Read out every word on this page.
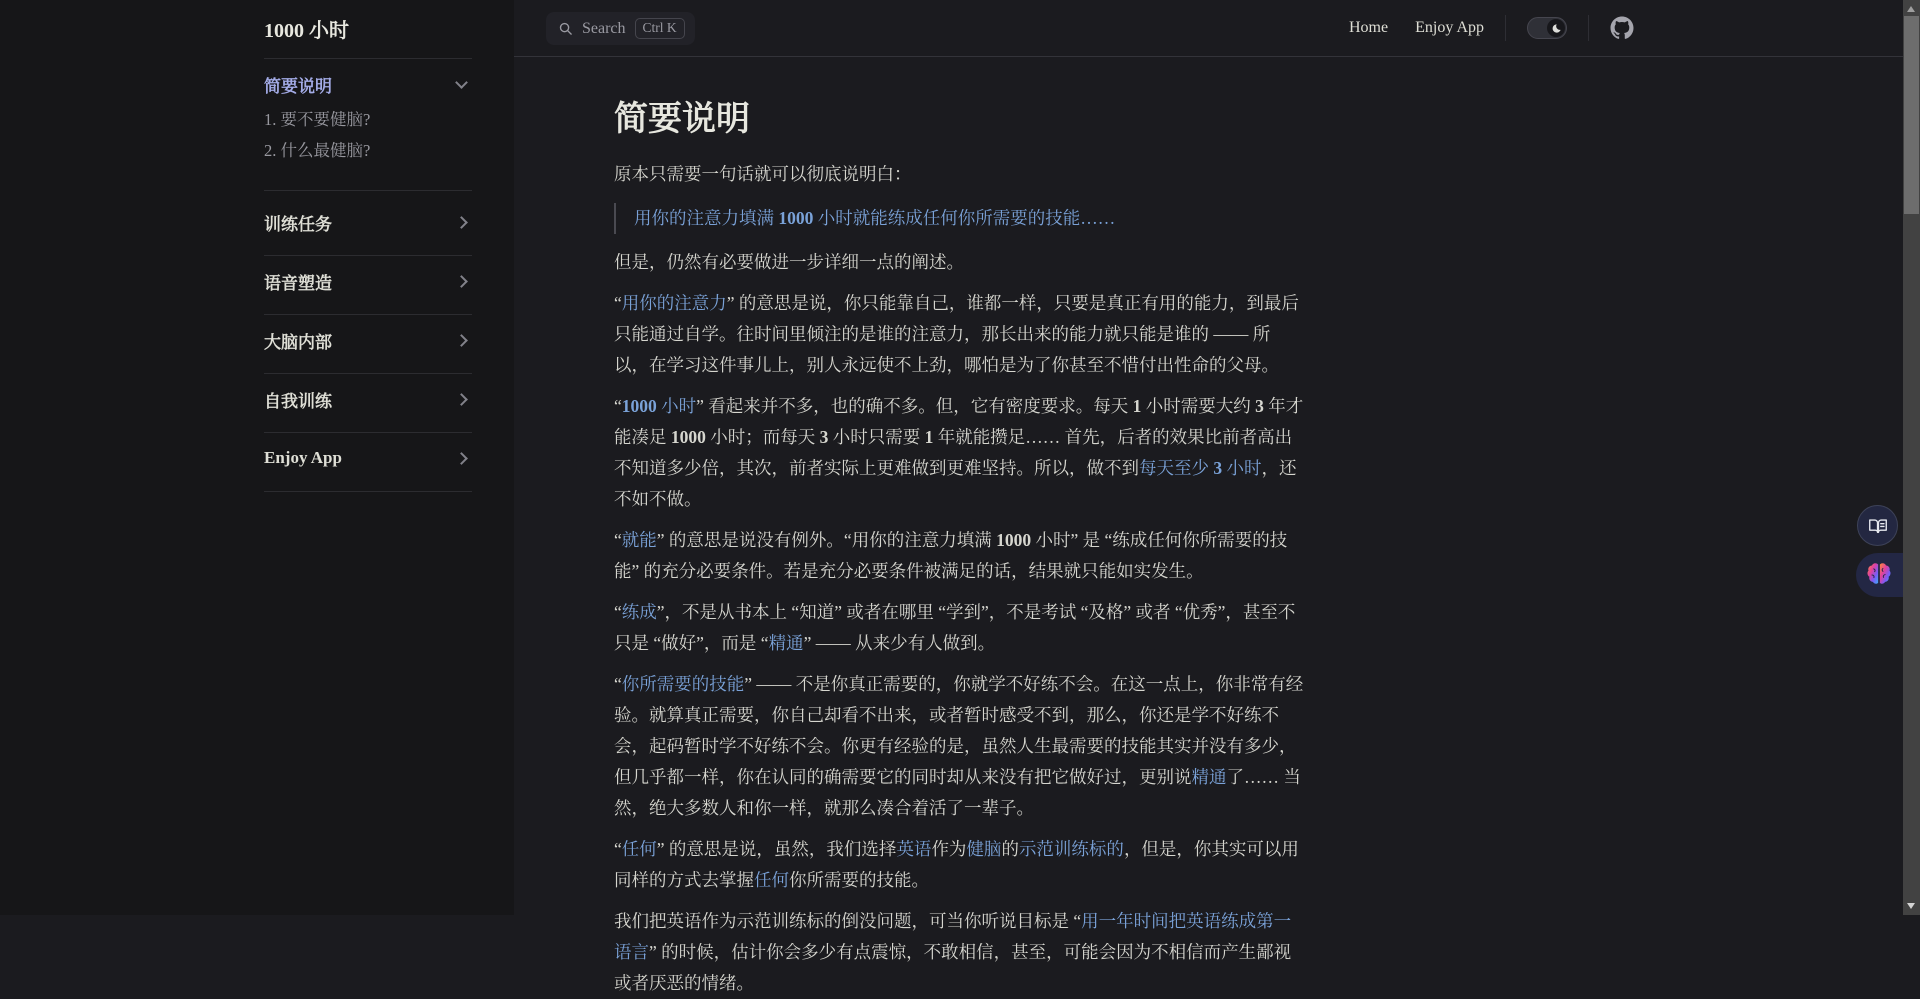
1000 小时
简要说明
1. 要不要健脑?
2. 什么最健脑?
训练任务
语音塑造
大脑内部
自我训练
Enjoy App
Search	Ctrl K	Home Enjoy App
简要说明

原本只需要一句话就可以彻底说明白：

用你的注意力填满 1000 小时就能练成任何你所需要的技能……

但是，仍然有必要做进一步详细一点的阐述。

“用你的注意力” 的意思是说，你只能靠自己，谁都一样，只要是真正有用的能力，到最后只能通过自学。往时间里倾注的是谁的注意力，那长出来的能力就只能是谁的 —— 所以，在学习这件事儿上，别人永远使不上劲，哪怕是为了你甚至不惜付出性命的父母。

“1000 小时” 看起来并不多，也的确不多。但，它有密度要求。每天 1 小时需要大约 3 年才能凑足 1000 小时；而每天 3 小时只需要 1 年就能攒足…… 首先，后者的效果比前者高出不知道多少倍，其次，前者实际上更难做到更难坚持。所以，做不到每天至少 3 小时，还不如不做。

“就能” 的意思是说没有例外。“用你的注意力填满 1000 小时” 是 “练成任何你所需要的技能” 的充分必要条件。若是充分必要条件被满足的话，结果就只能如实发生。

“练成”，不是从书本上 “知道” 或者在哪里 “学到”，不是考试 “及格” 或者 “优秀”，甚至不只是 “做好”，而是 “精通” —— 从来少有人做到。

“你所需要的技能” —— 不是你真正需要的，你就学不好练不会。在这一点上，你非常有经验。就算真正需要，你自己却看不出来，或者暂时感受不到，那么，你还是学不好练不会，起码暂时学不好练不会。你更有经验的是，虽然人生最需要的技能其实并没有多少，但几乎都一样，你在认同的确需要它的同时却从来没有把它做好过，更别说精通了…… 当然，绝大多数人和你一样，就那么凑合着活了一辈子。

“任何” 的意思是说，虽然，我们选择英语作为健脑的示范训练标的，但是，你其实可以用同样的方式去掌握任何你所需要的技能。

我们把英语作为示范训练标的倒没问题，可当你听说目标是 “用一年时间把英语练成第一语言” 的时候，估计你会多少有点震惊，不敢相信，甚至，可能会因为不相信而产生鄙视或者厌恶的情绪。
